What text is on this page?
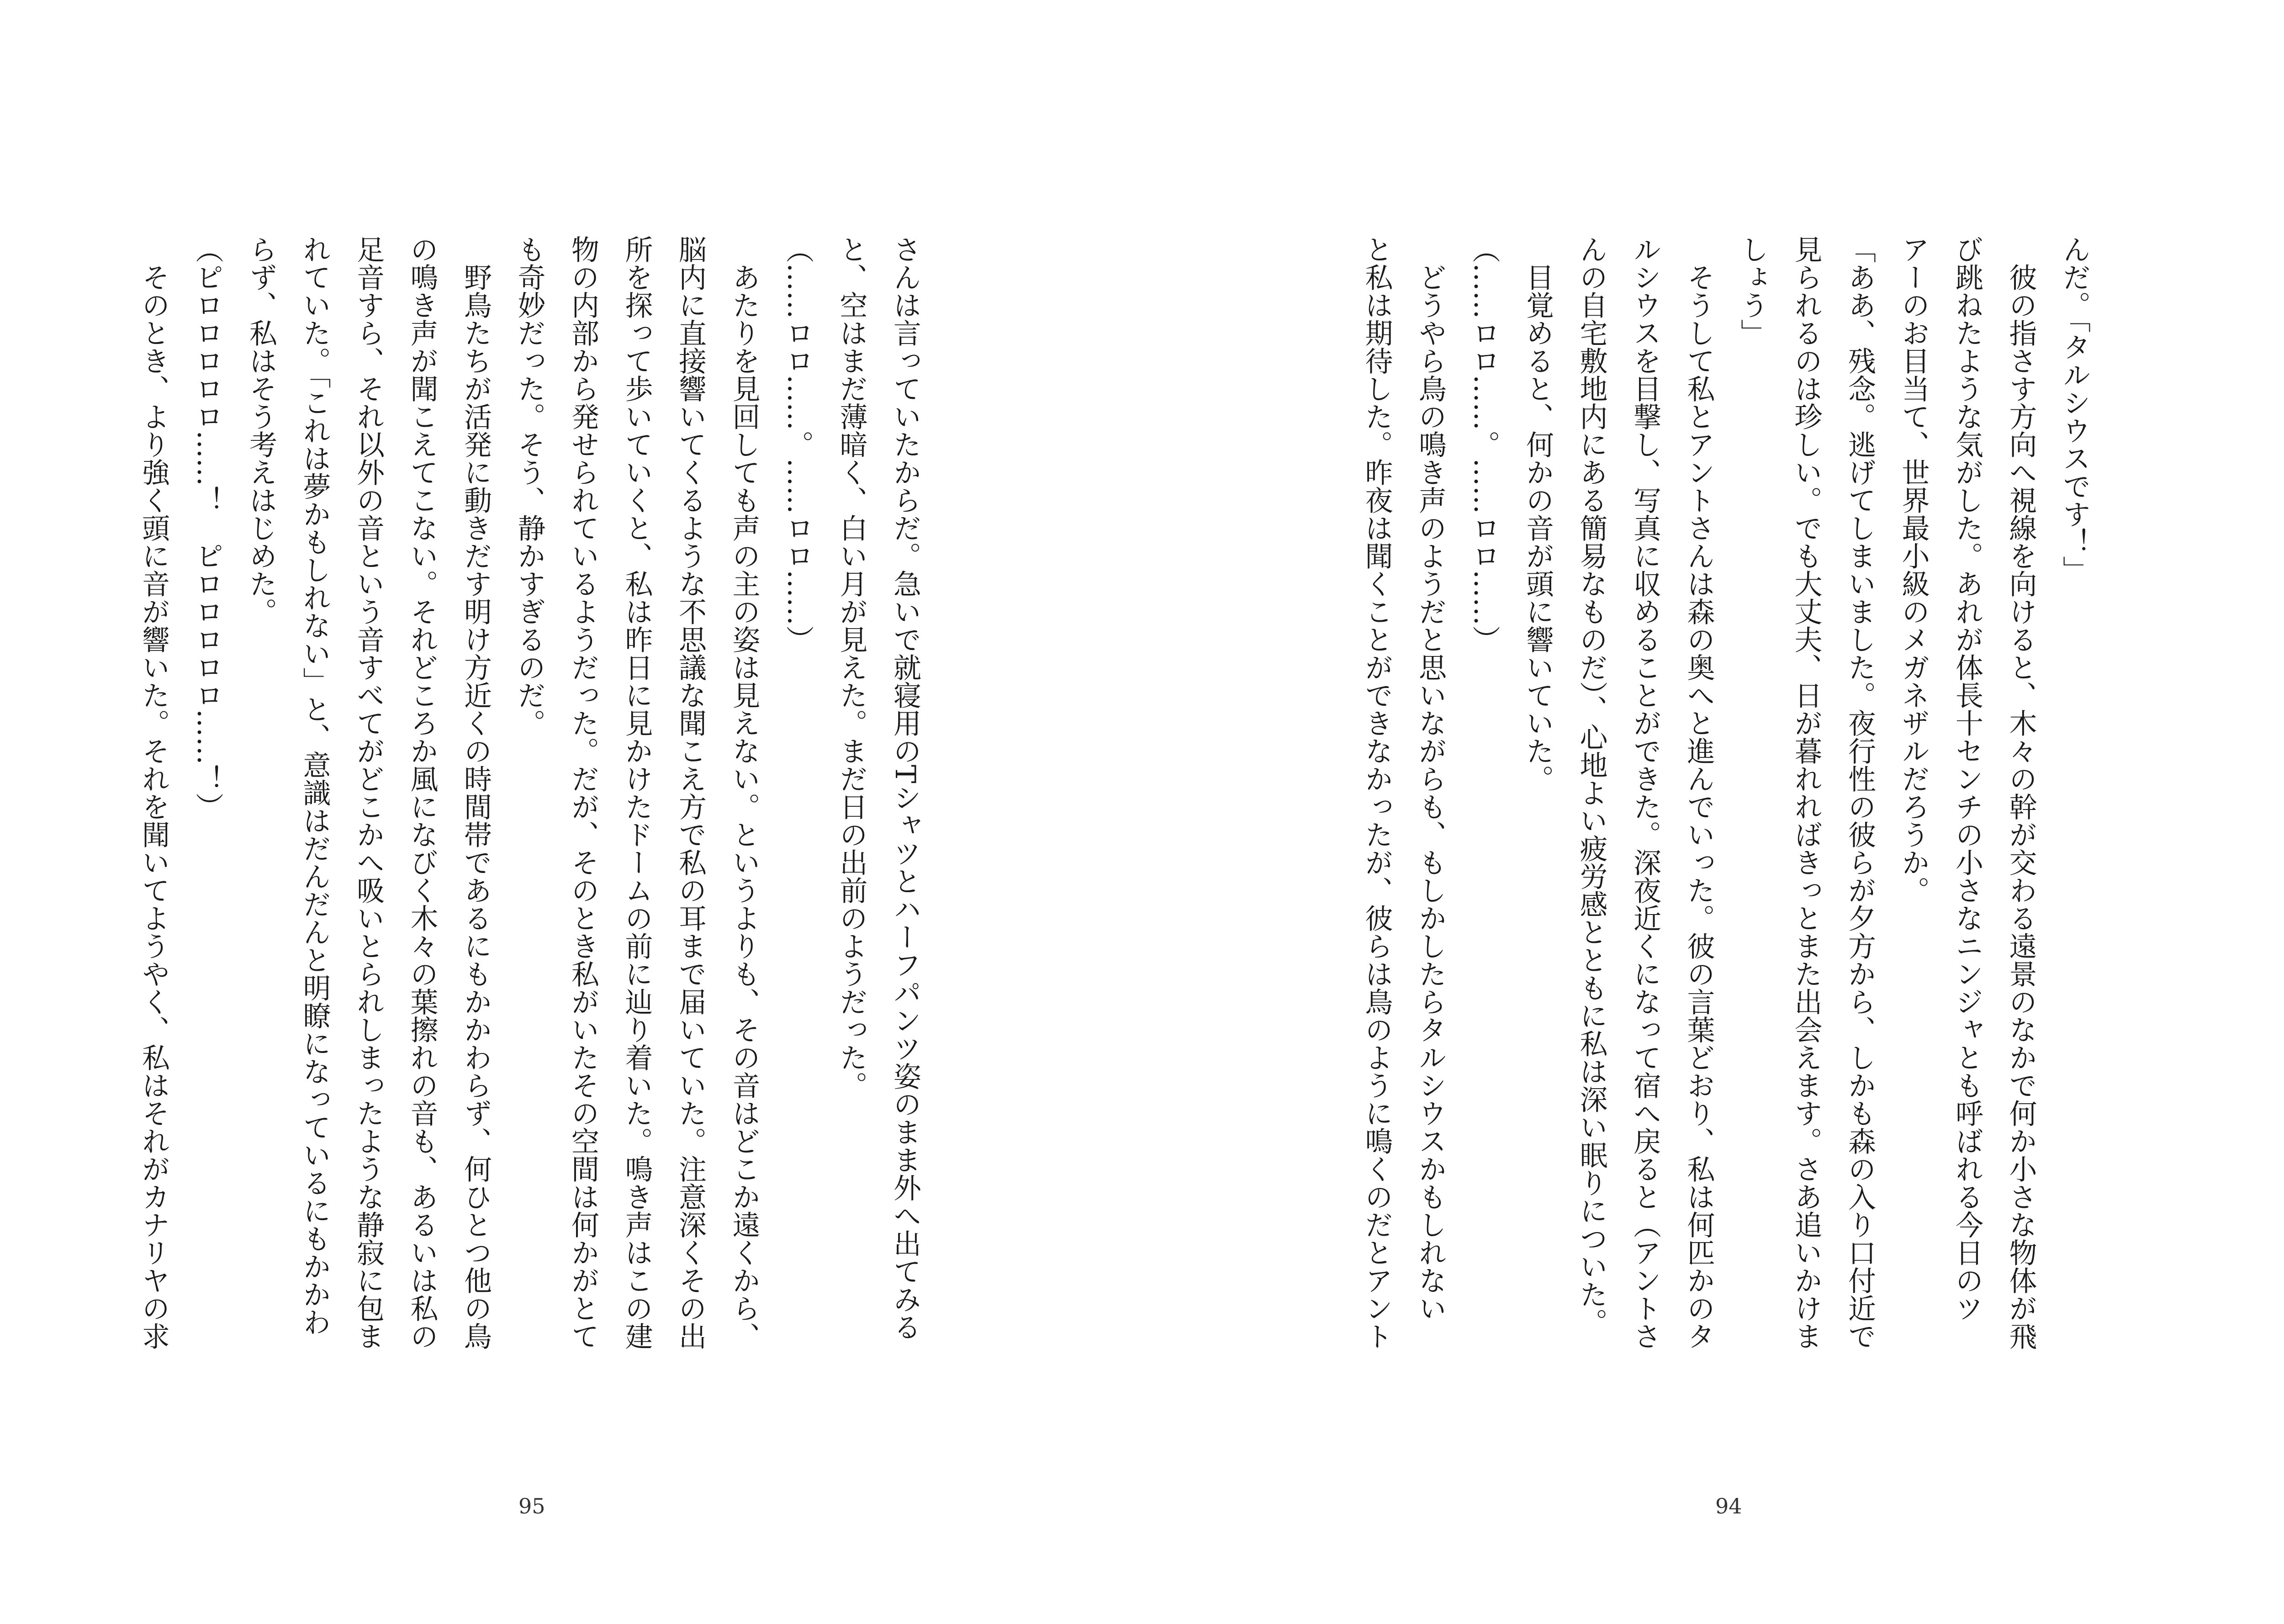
さんは言っていたからだ。急いで就寝用のTシャツとハーフパンツ姿のまま外へ出てみる

と、空はまだ薄暗く、白い月が見えた。まだ日の出前のようだった。

（……ロロ……。……ロロ……）

　あたりを見回しても声の主の姿は見えない。というよりも、その音はどこか遠くから、

脳内に直接響いてくるような不思議な聞こえ方で私の耳まで届いていた。注意深くその出

所を探って歩いていくと、私は昨日に見かけたドームの前に辿り着いた。鳴き声はこの建

物の内部から発せられているようだった。だが、そのとき私がいたその空間は何かがとて

も奇妙だった。そう、静かすぎるのだ。

　野鳥たちが活発に動きだす明け方近くの時間帯であるにもかかわらず、何ひとつ他の鳥

の鳴き声が聞こえてこない。それどころか風になびく木々の葉擦れの音も、あるいは私の

足音すら、それ以外の音という音すべてがどこかへ吸いとられしまったような静寂に包ま

れていた。「これは夢かもしれない」と、意識はだんだんと明瞭になっているにもかかわ

らず、私はそう考えはじめた。

（ピロロロロロ……！　ピロロロロロ……！）

　そのとき、より強く頭に音が響いた。それを聞いてようやく、私はそれがカナリヤの求

95

んだ。「タルシウスです！」

　彼の指さす方向へ視線を向けると、木々の幹が交わる遠景のなかで何か小さな物体が飛

び跳ねたような気がした。あれが体長十センチの小さなニンジャとも呼ばれる今日のツ

アーのお目当て、世界最小級のメガネザルだろうか。

「ああ、残念。逃げてしまいました。夜行性の彼らが夕方から、しかも森の入り口付近で

見られるのは珍しい。でも大丈夫、日が暮れればきっとまた出会えます。さあ追いかけま

しょう」

　そうして私とアントさんは森の奥へと進んでいった。彼の言葉どおり、私は何匹かのタ

ルシウスを目撃し、写真に収めることができた。深夜近くになって宿へ戻ると（アントさ

んの自宅敷地内にある簡易なものだ）、心地よい疲労感とともに私は深い眠りについた。

　目覚めると、何かの音が頭に響いていた。

（……ロロ……。……ロロ……）

　どうやら鳥の鳴き声のようだと思いながらも、もしかしたらタルシウスかもしれない

と私は期待した。昨夜は聞くことができなかったが、彼らは鳥のように鳴くのだとアント

94
